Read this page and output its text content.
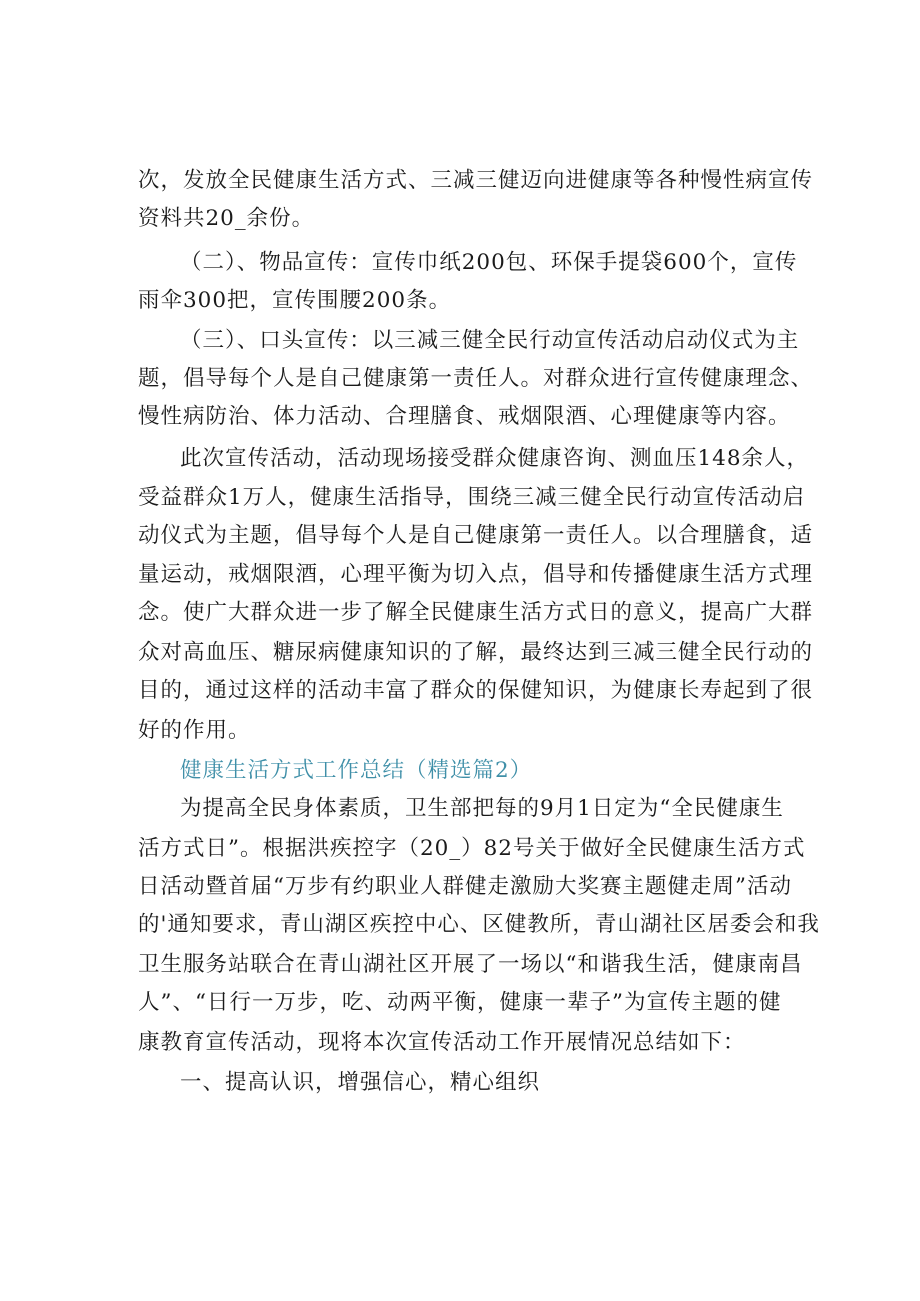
次，发放全民健康生活方式、三减三健迈向进健康等各种慢性病宣传
资料共20_余份。
（二）、物品宣传：宣传巾纸200包、环保手提袋600个，宣传
雨伞300把，宣传围腰200条。
（三）、口头宣传：以三减三健全民行动宣传活动启动仪式为主
题，倡导每个人是自己健康第一责任人。对群众进行宣传健康理念、
慢性病防治、体力活动、合理膳食、戒烟限酒、心理健康等内容。
此次宣传活动，活动现场接受群众健康咨询、测血压148余人，
受益群众1万人，健康生活指导，围绕三减三健全民行动宣传活动启
动仪式为主题，倡导每个人是自己健康第一责任人。以合理膳食，适
量运动，戒烟限酒，心理平衡为切入点，倡导和传播健康生活方式理
念。使广大群众进一步了解全民健康生活方式日的意义，提高广大群
众对高血压、糖尿病健康知识的了解，最终达到三减三健全民行动的
目的，通过这样的活动丰富了群众的保健知识，为健康长寿起到了很
好的作用。
健康生活方式工作总结（精选篇2）
为提高全民身体素质，卫生部把每的9月1日定为“全民健康生
活方式日”。根据洪疾控字（20_）82号关于做好全民健康生活方式
日活动暨首届“万步有约职业人群健走激励大奖赛主题健走周”活动
的'通知要求，青山湖区疾控中心、区健教所，青山湖社区居委会和我
卫生服务站联合在青山湖社区开展了一场以“和谐我生活，健康南昌
人”、“日行一万步，吃、动两平衡，健康一辈子”为宣传主题的健
康教育宣传活动，现将本次宣传活动工作开展情况总结如下：
一、提高认识，增强信心，精心组织
